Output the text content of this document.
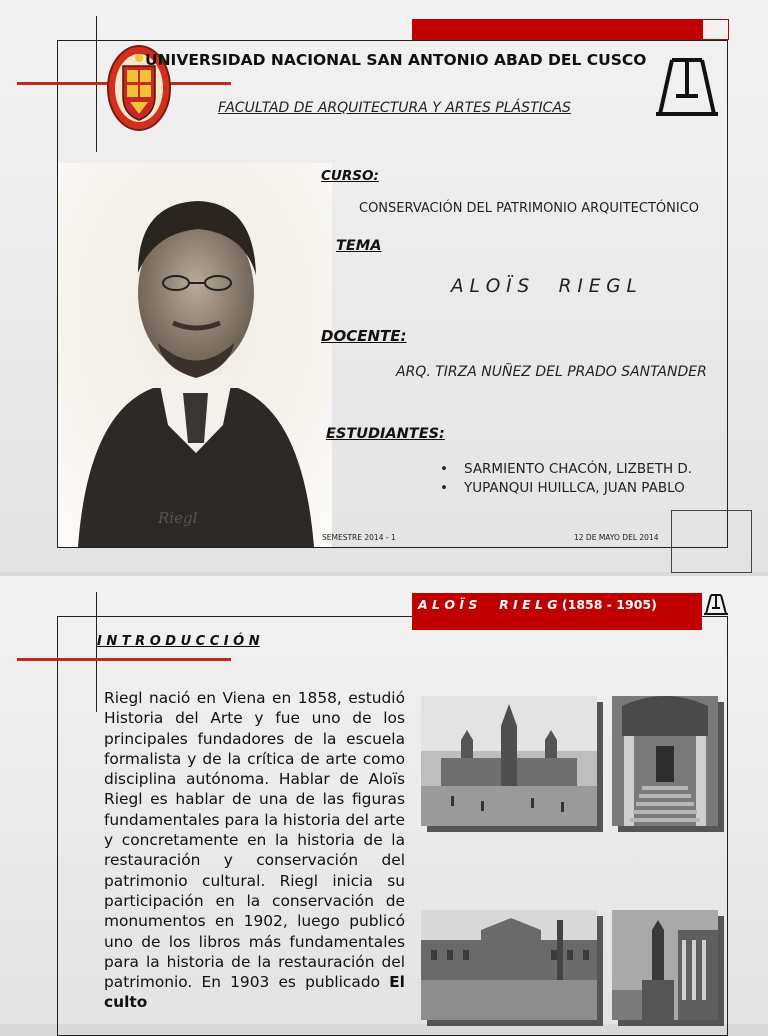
UNIVERSIDAD NACIONAL SAN ANTONIO ABAD DEL CUSCO
FACULTAD DE ARQUITECTURA Y ARTES PLÁSTICAS
Riegl
CURSO:
CONSERVACIÓN DEL PATRIMONIO ARQUITECTÓNICO
TEMA
A L O Ï S     R I E G L
DOCENTE:
ARQ. TIRZA NUÑEZ DEL PRADO SANTANDER
ESTUDIANTES:
• SARMIENTO CHACÓN, LIZBETH D.
• YUPANQUI HUILLCA, JUAN PABLO
SEMESTRE 2014 - 1	12 DE MAYO DEL 2014
A L O Ï S     R I E L G (1858 - 1905)
I N T R O D U C C I Ó N
Riegl nació en Viena en 1858, estudió Historia del Arte y fue uno de los principales fundadores de la escuela formalista y de la crítica de arte como disciplina autónoma. Hablar de Aloïs Riegl es hablar de una de las figuras fundamentales para la historia del arte y concretamente en la historia de la restauración y conservación del patrimonio cultural. Riegl inicia su participación en la conservación de monumentos en 1902, luego publicó uno de los libros más fundamentales para la historia de la restauración del patrimonio. En 1903 es publicado El culto
